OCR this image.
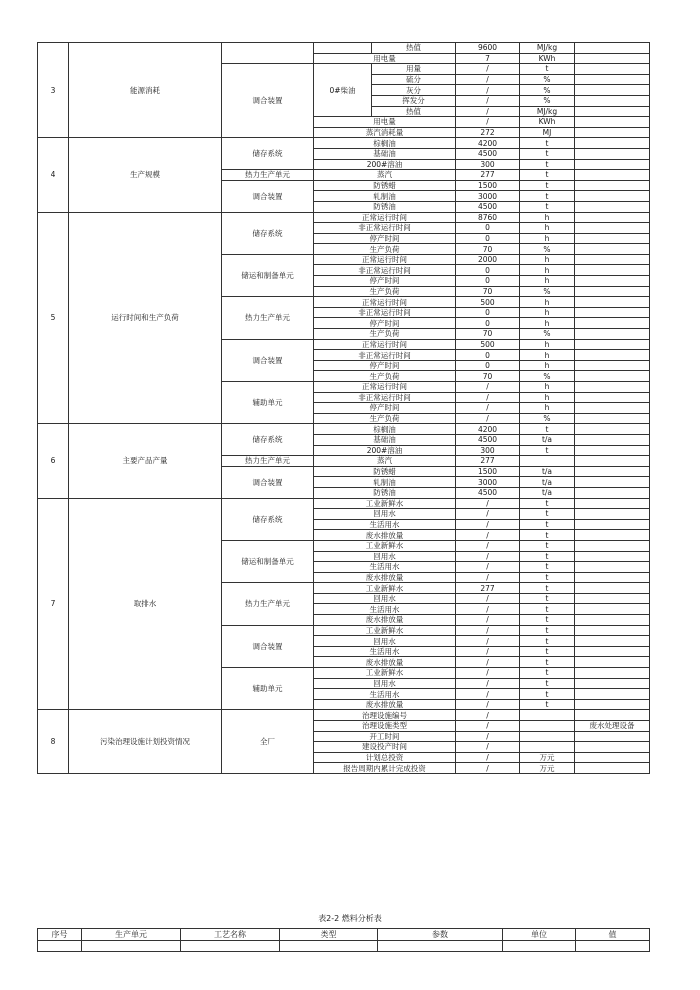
3	能源消耗			热值	9600	MJ/kg	
			用电量		7	KWh	
		调合装置	0#柴油	用量	/	t	
				硫分	/	%	
				灰分	/	%	
				挥发分	/	%	
				热值	/	MJ/kg	
			用电量		/	KWh	
			蒸汽消耗量		272	MJ	
4	生产规模	储存系统	棕榈油		4200	t	
			基础油		4500	t	
			200#溶油		300	t	
		热力生产单元	蒸汽		277	t	
		调合装置	防锈蜡		1500	t	
			轧制油		3000	t	
			防锈油		4500	t	
5	运行时间和生产负荷	储存系统	正常运行时间		8760	h	
			非正常运行时间		0	h	
			停产时间		0	h	
			生产负荷		70	%	
		储运和制备单元	正常运行时间		2000	h	
			非正常运行时间		0	h	
			停产时间		0	h	
			生产负荷		70	%	
		热力生产单元	正常运行时间		500	h	
			非正常运行时间		0	h	
			停产时间		0	h	
			生产负荷		70	%	
		调合装置	正常运行时间		500	h	
			非正常运行时间		0	h	
			停产时间		0	h	
			生产负荷		70	%	
		辅助单元	正常运行时间		/	h	
			非正常运行时间		/	h	
			停产时间		/	h	
			生产负荷		/	%	
6	主要产品产量	储存系统	棕榈油		4200	t	
			基础油		4500	t/a	
			200#溶油		300	t	
		热力生产单元	蒸汽		277		
		调合装置	防锈蜡		1500	t/a	
			轧制油		3000	t/a	
			防锈油		4500	t/a	
7	取排水	储存系统	工业新鲜水		/	t	
			回用水		/	t	
			生活用水		/	t	
			废水排放量		/	t	
		储运和制备单元	工业新鲜水		/	t	
			回用水		/	t	
			生活用水		/	t	
			废水排放量		/	t	
		热力生产单元	工业新鲜水		277	t	
			回用水		/	t	
			生活用水		/	t	
			废水排放量		/	t	
		调合装置	工业新鲜水		/	t	
			回用水		/	t	
			生活用水		/	t	
			废水排放量		/	t	
		辅助单元	工业新鲜水		/	t	
			回用水		/	t	
			生活用水		/	t	
			废水排放量		/	t	
8	污染治理设施计划投资情况	全厂	治理设施编号		/		
			治理设施类型		/		废水处理设备
			开工时间		/		
			建设投产时间		/		
			计划总投资		/	万元	
			报告周期内累计完成投资		/	万元	
表2-2 燃料分析表
序号	生产单元	工艺名称	类型	参数	单位	值
